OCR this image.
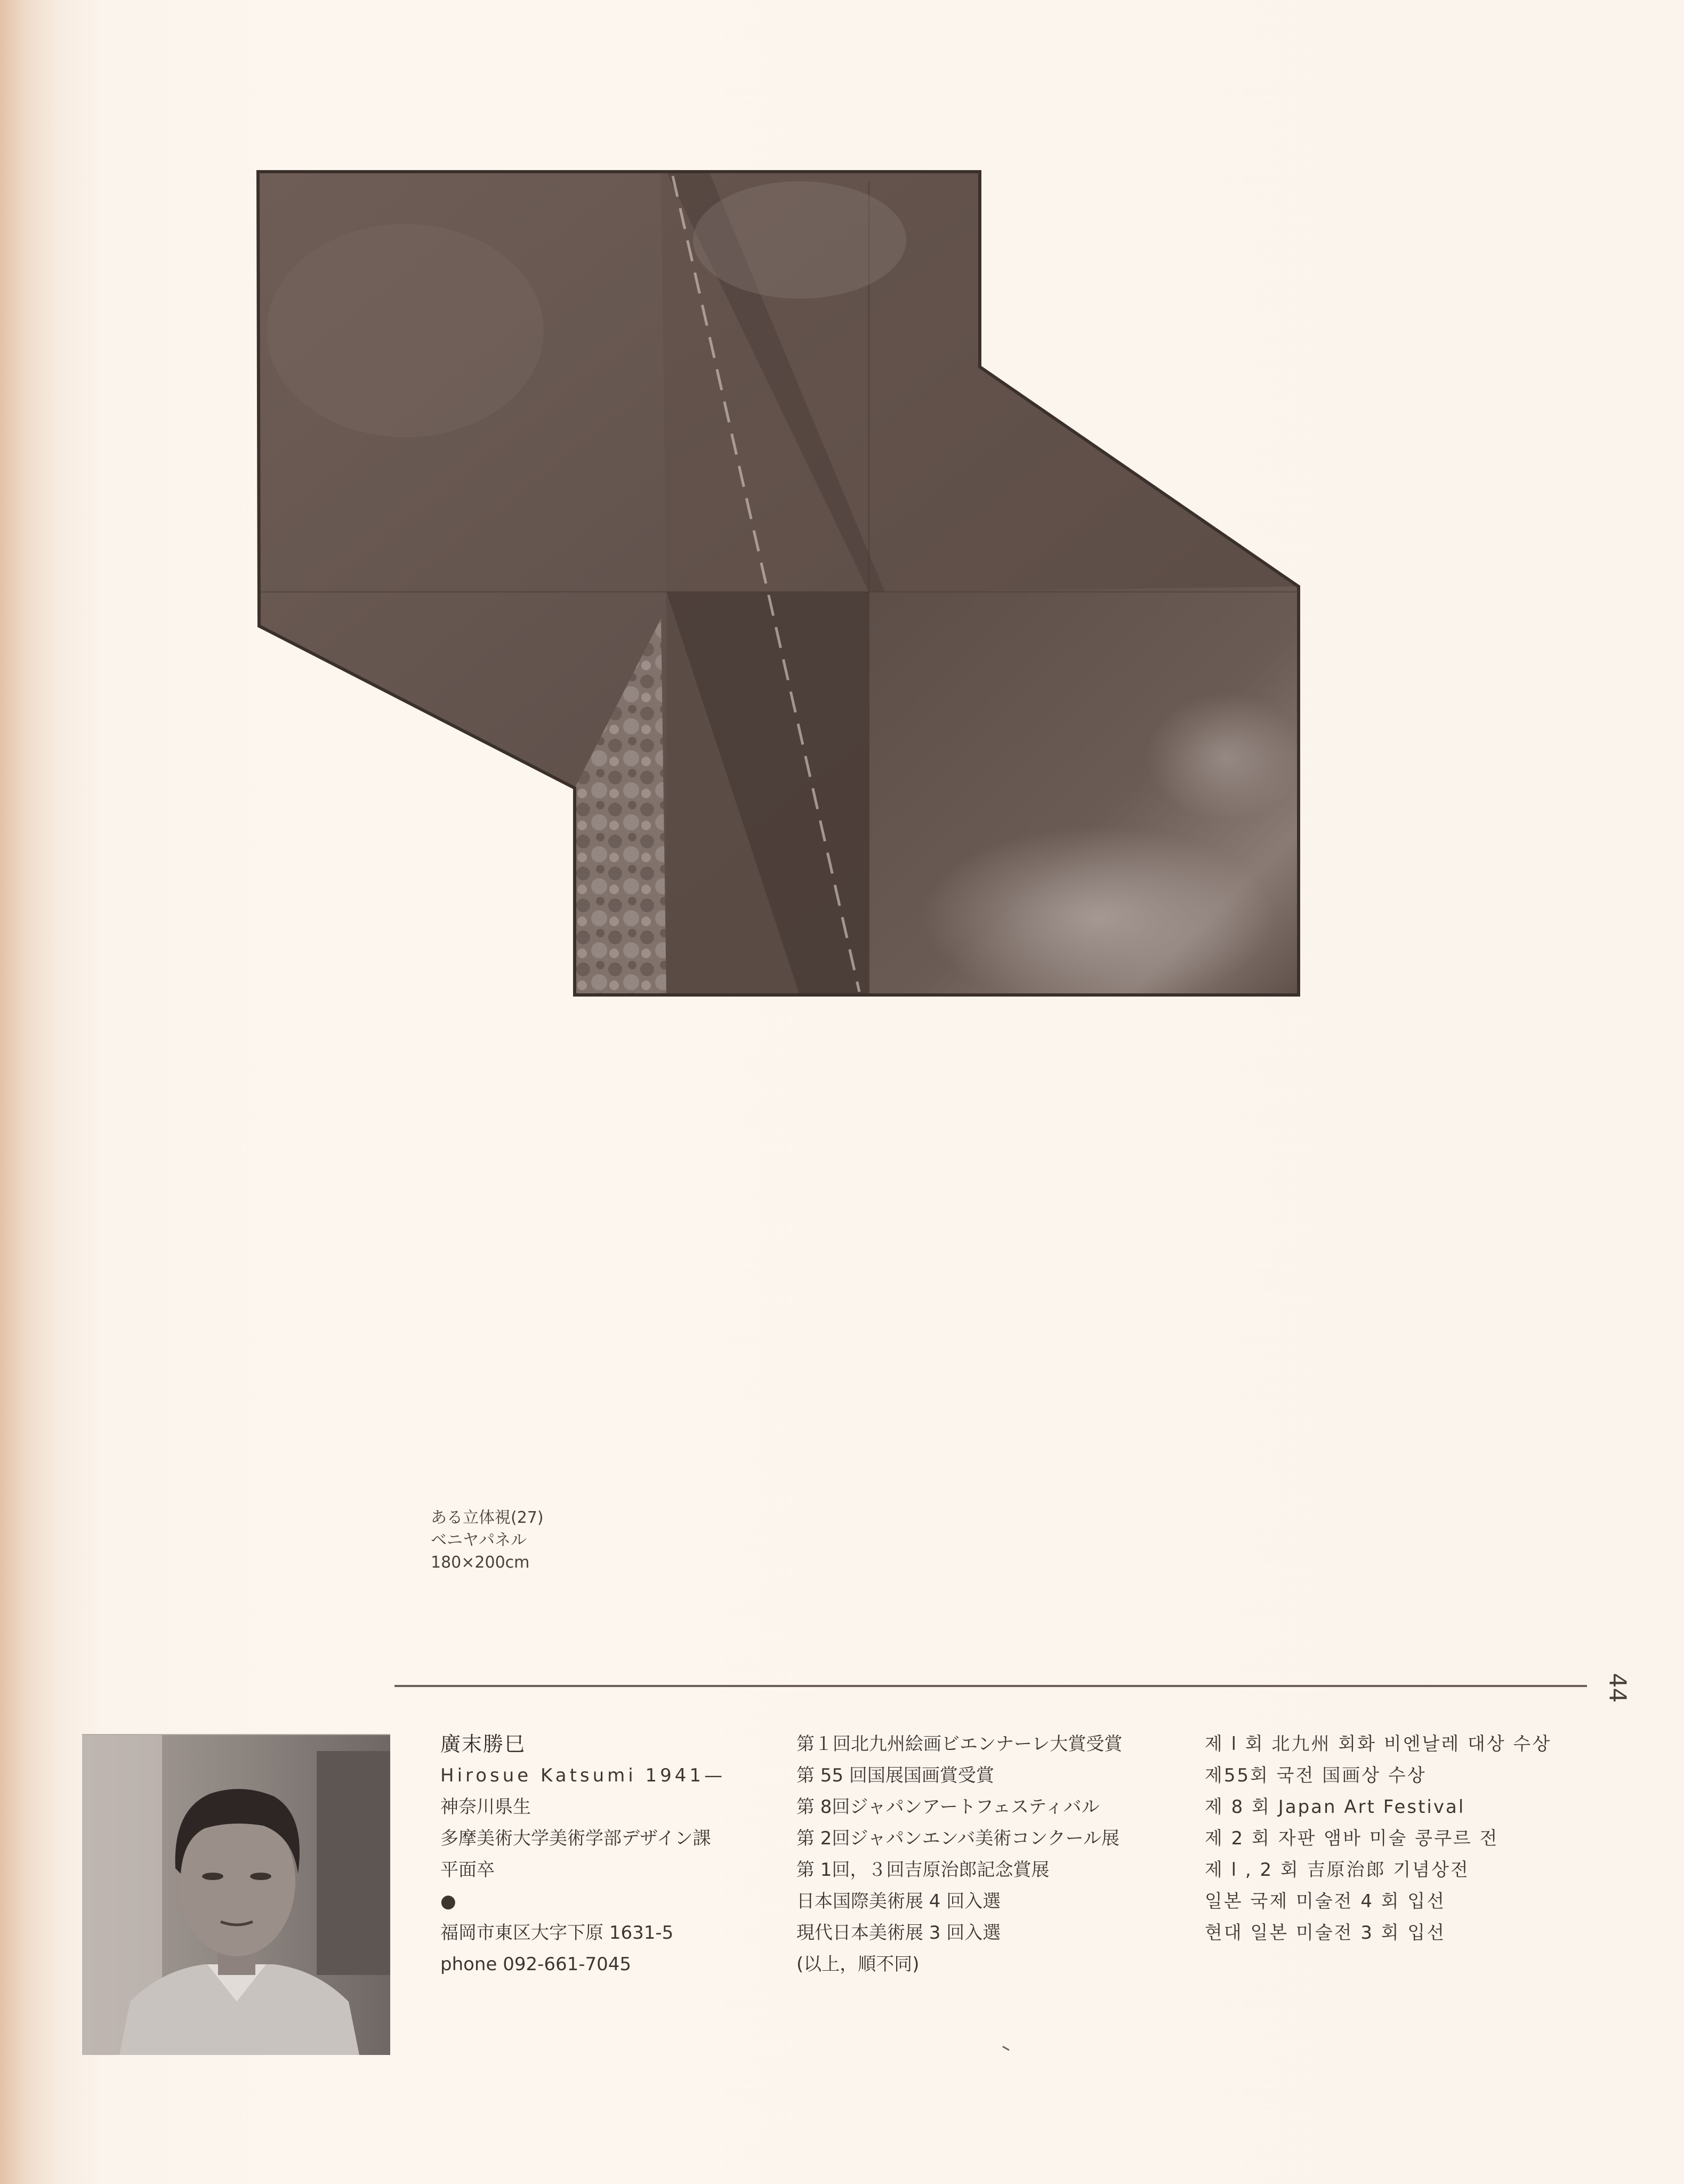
ある立体視(27)
ベニヤパネル
180×200cm
44
廣末勝巳
Hirosue Katsumi 1941—
神奈川県生
多摩美術大学美術学部デザイン課
平面卒
●
福岡市東区大字下原 1631-5
phone 092-661-7045
第１回北九州絵画ビエンナーレ大賞受賞
第 55 回国展国画賞受賞
第 8回ジャパンアートフェスティバル
第 2回ジャパンエンバ美術コンクール展
第 1回，３回吉原治郎記念賞展
日本国際美術展 4 回入選
現代日本美術展 3 回入選
(以上，順不同)
제 l 회 北九州 회화 비엔날레 대상 수상
제55회 국전 国画상 수상
제 8 회 Japan Art Festival
제 2 회 자판 앰바 미술 콩쿠르 전
제 l , 2 회 吉原治郎 기념상전
일본 국제 미술전 4 회 입선
현대 일본 미술전 3 회 입선
